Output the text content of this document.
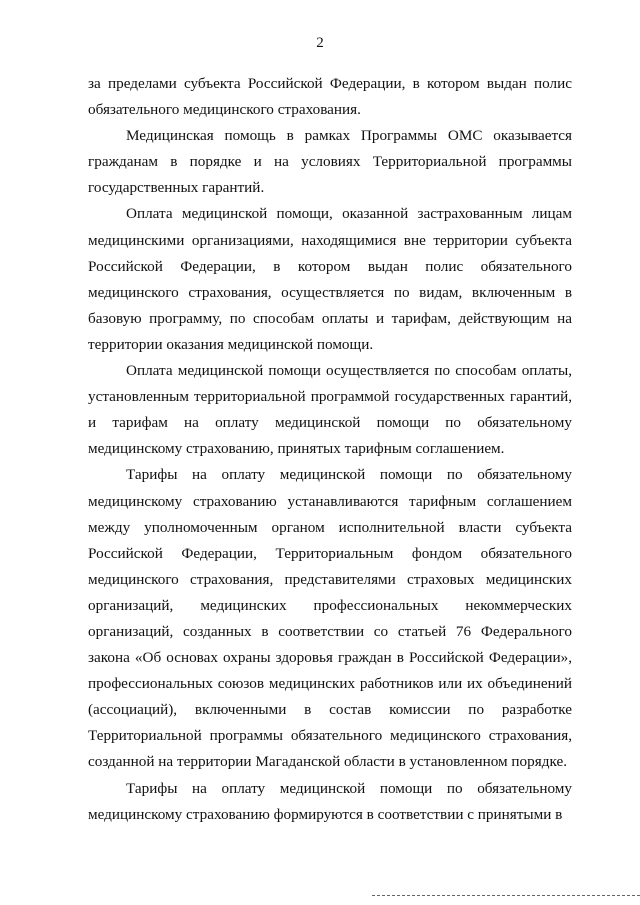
2

за пределами субъекта Российской Федерации, в котором выдан полис обязательного медицинского страхования.

Медицинская помощь в рамках Программы ОМС оказывается гражданам в порядке и на условиях Территориальной программы государственных гарантий.

Оплата медицинской помощи, оказанной застрахованным лицам медицинскими организациями, находящимися вне территории субъекта Российской Федерации, в котором выдан полис обязательного медицинского страхования, осуществляется по видам, включенным в базовую программу, по способам оплаты и тарифам, действующим на территории оказания медицинской помощи.

Оплата медицинской помощи осуществляется по способам оплаты, установленным территориальной программой государственных гарантий, и тарифам на оплату медицинской помощи по обязательному медицинскому страхованию, принятых тарифным соглашением.

Тарифы на оплату медицинской помощи по обязательному медицинскому страхованию устанавливаются тарифным соглашением между уполномоченным органом исполнительной власти субъекта Российской Федерации, Территориальным фондом обязательного медицинского страхования, представителями страховых медицинских организаций, медицинских профессиональных некоммерческих организаций, созданных в соответствии со статьей 76 Федерального закона «Об основах охраны здоровья граждан в Российской Федерации», профессиональных союзов медицинских работников или их объединений (ассоциаций), включенными в состав комиссии по разработке Территориальной программы обязательного медицинского страхования, созданной на территории Магаданской области в установленном порядке.

Тарифы на оплату медицинской помощи по обязательному медицинскому страхованию формируются в соответствии с принятыми в
